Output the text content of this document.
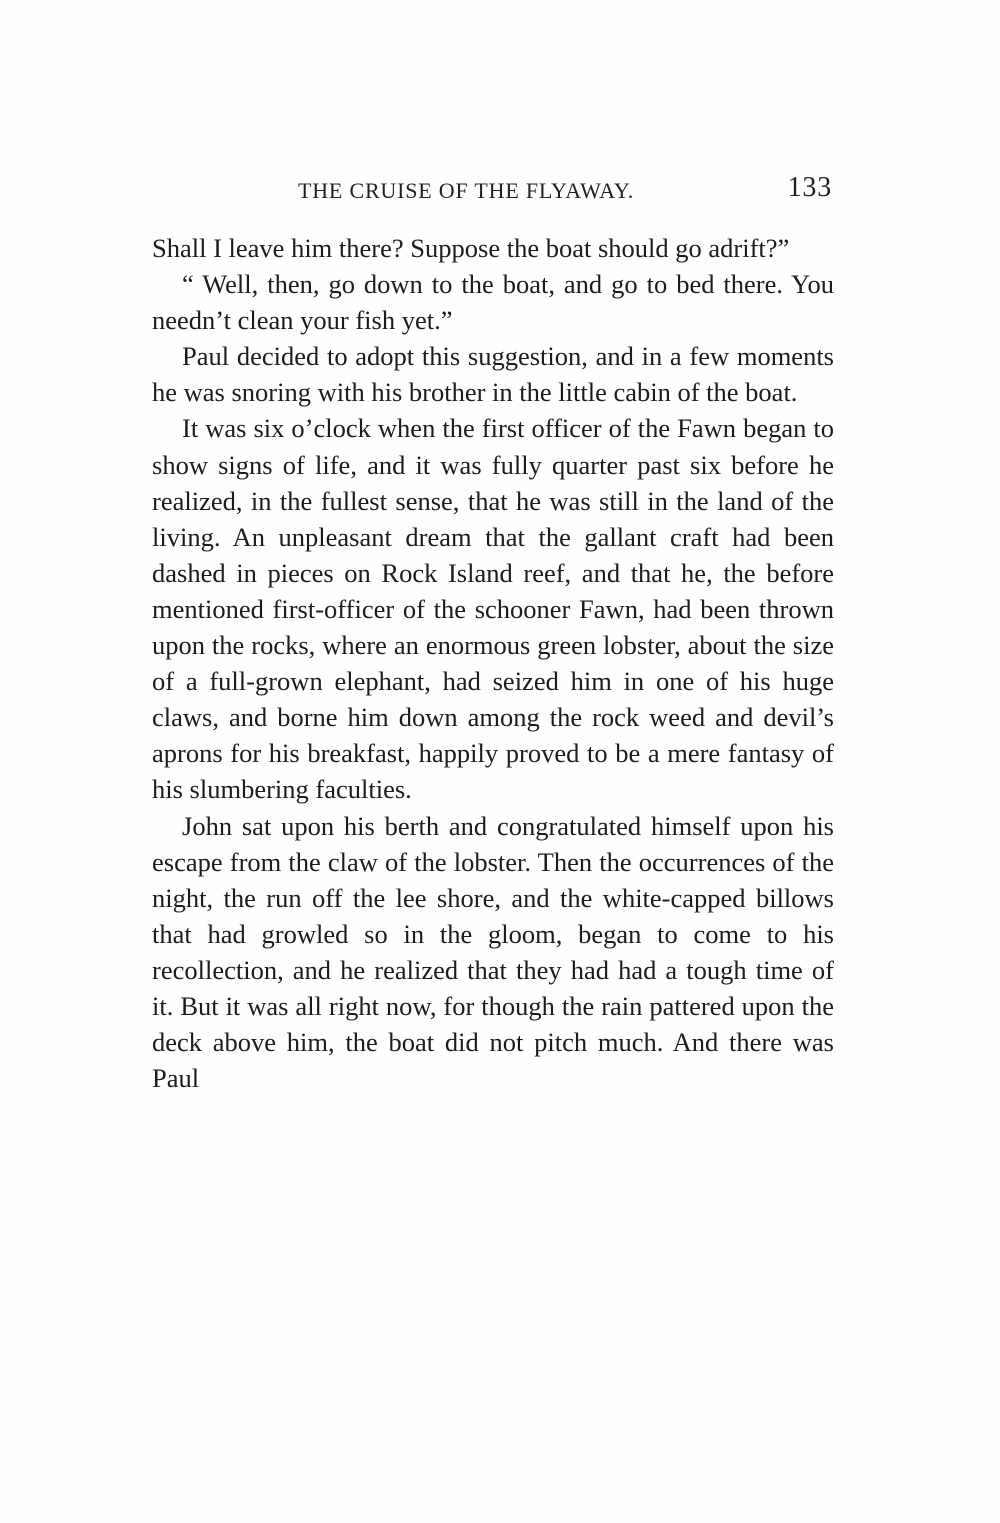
THE CRUISE OF THE FLYAWAY.	133

Shall I leave him there? Suppose the boat should go adrift?”

“ Well, then, go down to the boat, and go to bed there. You needn’t clean your fish yet.”

Paul decided to adopt this suggestion, and in a few moments he was snoring with his brother in the little cabin of the boat.

It was six o’clock when the first officer of the Fawn began to show signs of life, and it was fully quarter past six before he realized, in the fullest sense, that he was still in the land of the living. An unpleasant dream that the gallant craft had been dashed in pieces on Rock Island reef, and that he, the before mentioned first-officer of the schooner Fawn, had been thrown upon the rocks, where an enormous green lobster, about the size of a full-grown elephant, had seized him in one of his huge claws, and borne him down among the rock weed and devil’s aprons for his breakfast, happily proved to be a mere fantasy of his slumbering faculties.

John sat upon his berth and congratulated himself upon his escape from the claw of the lobster. Then the occurrences of the night, the run off the lee shore, and the white-capped billows that had growled so in the gloom, began to come to his recollection, and he realized that they had had a tough time of it. But it was all right now, for though the rain pattered upon the deck above him, the boat did not pitch much. And there was Paul
